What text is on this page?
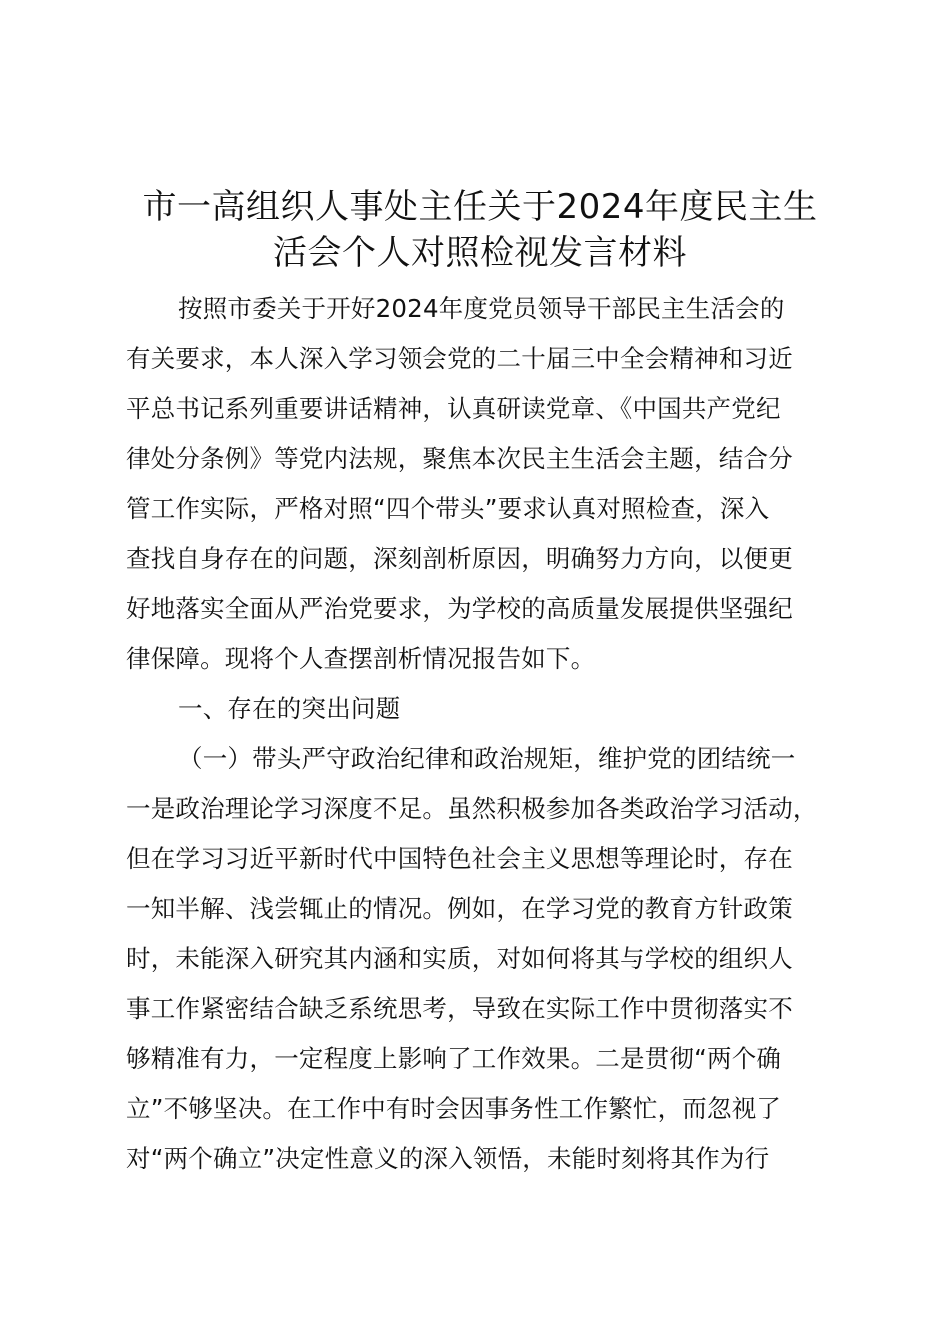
市一高组织人事处主任关于2024年度民主生
活会个人对照检视发言材料
按照市委关于开好2024年度党员领导干部民主生活会的
有关要求，本人深入学习领会党的二十届三中全会精神和习近
平总书记系列重要讲话精神，认真研读党章、《中国共产党纪
律处分条例》等党内法规，聚焦本次民主生活会主题，结合分
管工作实际，严格对照“四个带头”要求认真对照检查，深入
查找自身存在的问题，深刻剖析原因，明确努力方向，以便更
好地落实全面从严治党要求，为学校的高质量发展提供坚强纪
律保障。现将个人查摆剖析情况报告如下。
一、存在的突出问题
（一）带头严守政治纪律和政治规矩，维护党的团结统一
一是政治理论学习深度不足。虽然积极参加各类政治学习活动，
但在学习习近平新时代中国特色社会主义思想等理论时，存在
一知半解、浅尝辄止的情况。例如，在学习党的教育方针政策
时，未能深入研究其内涵和实质，对如何将其与学校的组织人
事工作紧密结合缺乏系统思考，导致在实际工作中贯彻落实不
够精准有力，一定程度上影响了工作效果。二是贯彻“两个确
立”不够坚决。在工作中有时会因事务性工作繁忙，而忽视了
对“两个确立”决定性意义的深入领悟，未能时刻将其作为行
